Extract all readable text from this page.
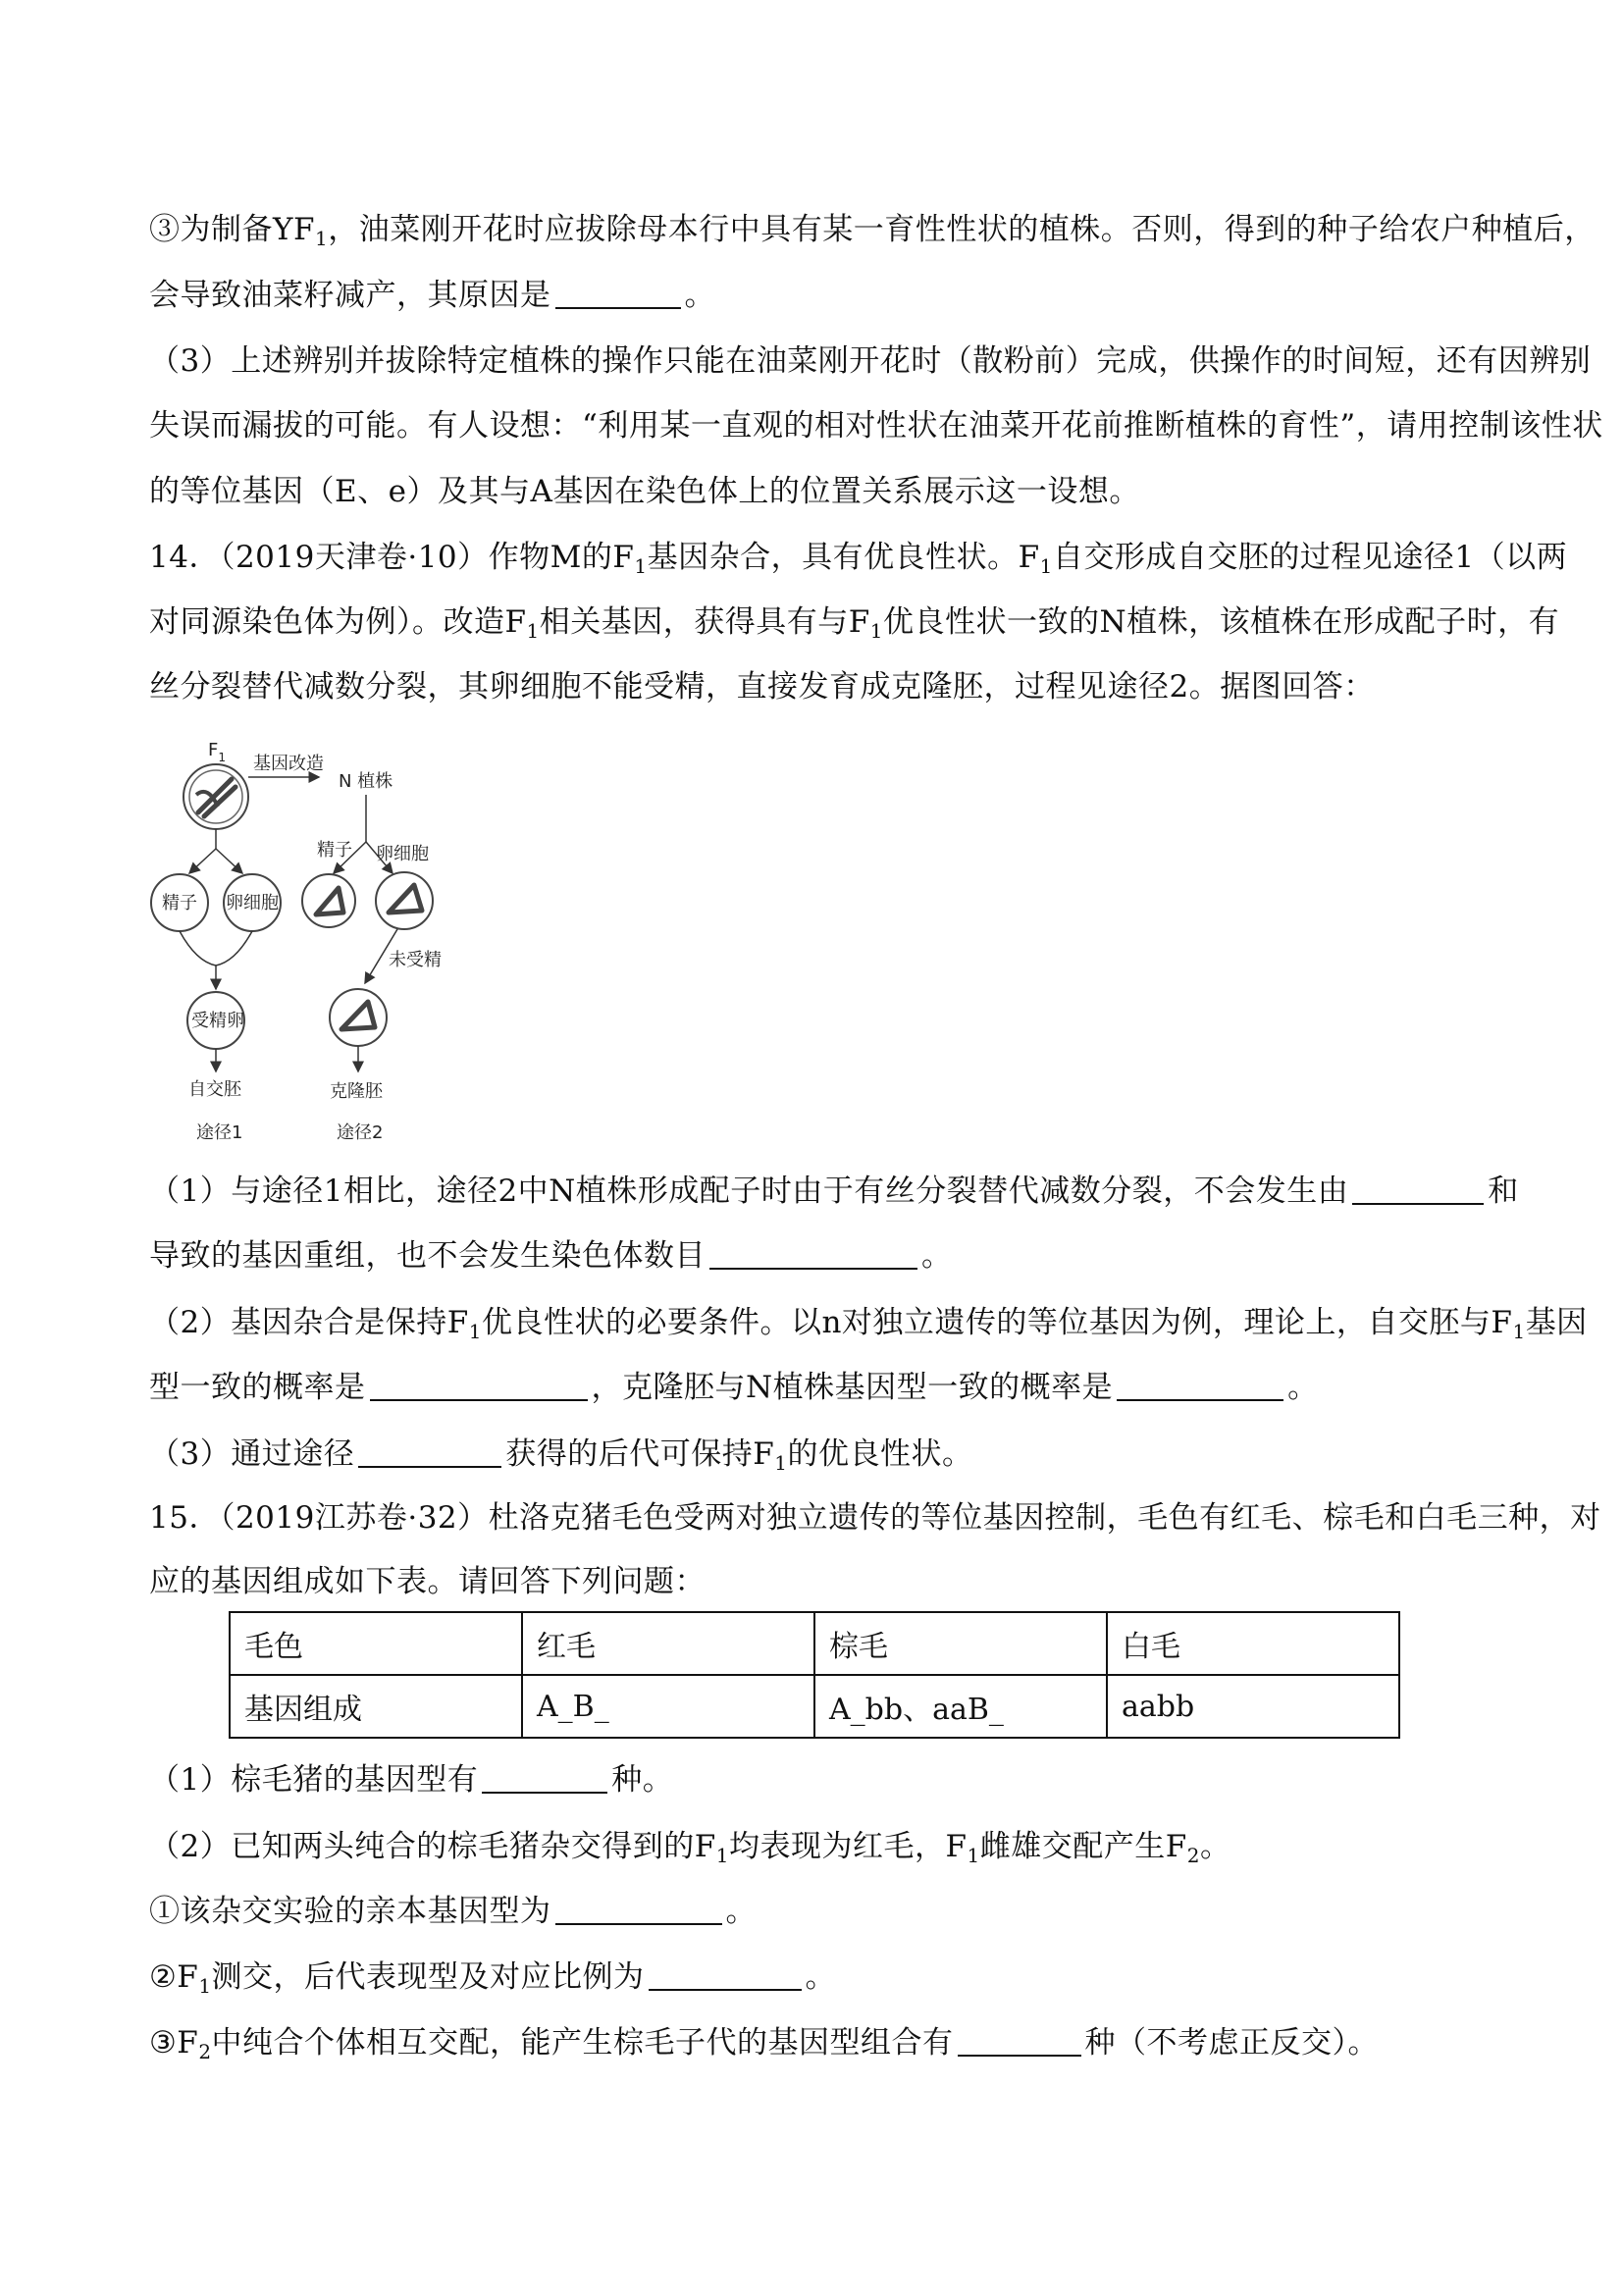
③为制备$YF_1$，油菜刚开花时应拔除母本行中具有某一育性性状的植株。否则，得到的种子给农户种植后，

会导致油菜籽减产，其原因是	。

（3）上述辨别并拔除特定植株的操作只能在油菜刚开花时（散粉前）完成，供操作的时间短，还有因辨别

失误而漏拔的可能。有人设想：“利用某一直观的相对性状在油菜开花前推断植株的育性”，请用控制该性状

的等位基因（E、e）及其与A基因在染色体上的位置关系展示这一设想。

14．（2019天津卷·10）作物M的$F_1$基因杂合，具有优良性状。$F_1$自交形成自交胚的过程见途径1（以两

对同源染色体为例）。改造$F_1$相关基因，获得具有与$F_1$优良性状一致的N植株，该植株在形成配子时，有

丝分裂替代减数分裂，其卵细胞不能受精，直接发育成克隆胚，过程见途径2。据图回答：

$F_1$ 基因改造
N 植株
精子 卵细胞
受精卵
自交胚
途径1
精子 卵细胞
未受精
克隆胚
途径2

（1）与途径1相比，途径2中N植株形成配子时由于有丝分裂替代减数分裂，不会发生由	和

导致的基因重组，也不会发生染色体数目	。

（2）基因杂合是保持$F_1$优良性状的必要条件。以n对独立遗传的等位基因为例，理论上，自交胚与$F_1$基因

型一致的概率是	，克隆胚与N植株基因型一致的概率是	。

（3）通过途径	获得的后代可保持$F_1$的优良性状。

15．（2019江苏卷·32）杜洛克猪毛色受两对独立遗传的等位基因控制，毛色有红毛、棕毛和白毛三种，对

应的基因组成如下表。请回答下列问题：

毛色	红毛	棕毛	白毛
基因组成	A_B_	A_bb、aaB_	aabb

（1）棕毛猪的基因型有	种。

（2）已知两头纯合的棕毛猪杂交得到的$F_1$均表现为红毛，$F_1$雌雄交配产生$F_2$。

①该杂交实验的亲本基因型为	。

$②F_1$测交，后代表现型及对应比例为	。

$③F_2$中纯合个体相互交配，能产生棕毛子代的基因型组合有	种（不考虑正反交）。
